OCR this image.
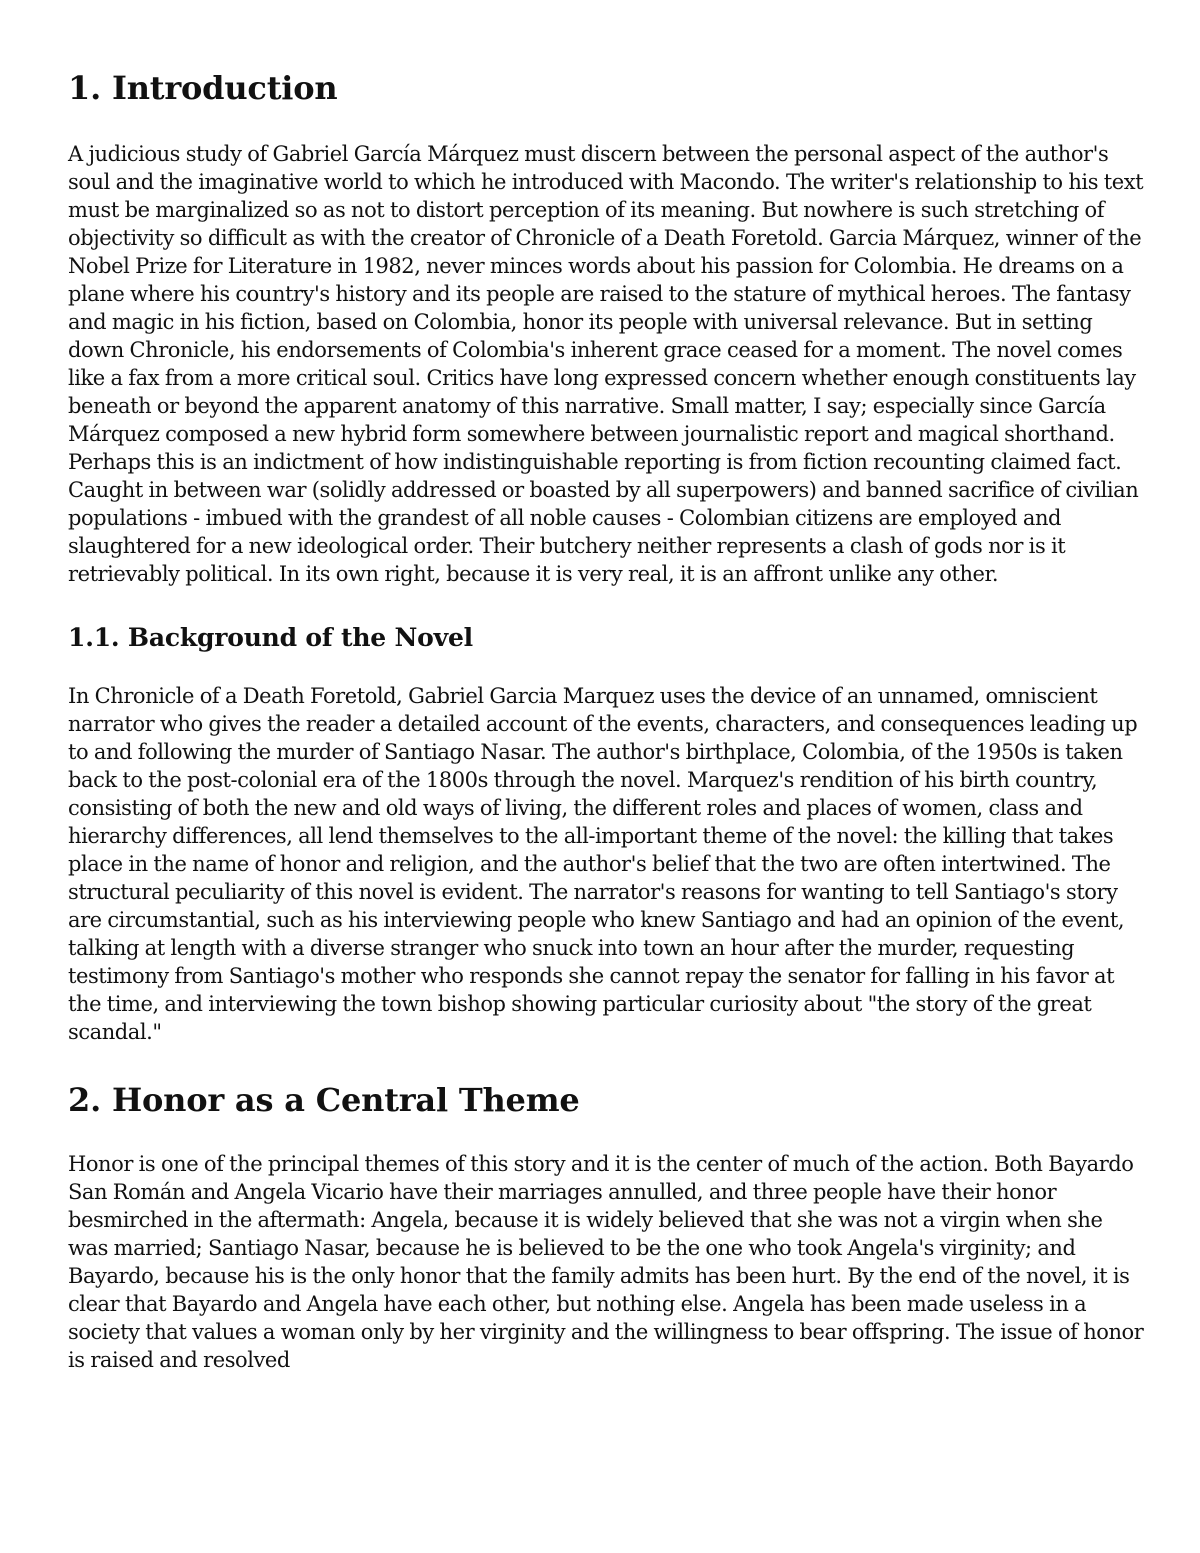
1. Introduction

A judicious study of Gabriel García Márquez must discern between the personal aspect of the author's soul and the imaginative world to which he introduced with Macondo. The writer's relationship to his text must be marginalized so as not to distort perception of its meaning. But nowhere is such stretching of objectivity so difficult as with the creator of Chronicle of a Death Foretold. Garcia Márquez, winner of the Nobel Prize for Literature in 1982, never minces words about his passion for Colombia. He dreams on a plane where his country's history and its people are raised to the stature of mythical heroes. The fantasy and magic in his fiction, based on Colombia, honor its people with universal relevance. But in setting down Chronicle, his endorsements of Colombia's inherent grace ceased for a moment. The novel comes like a fax from a more critical soul. Critics have long expressed concern whether enough constituents lay beneath or beyond the apparent anatomy of this narrative. Small matter, I say; especially since García Márquez composed a new hybrid form somewhere between journalistic report and magical shorthand. Perhaps this is an indictment of how indistinguishable reporting is from fiction recounting claimed fact. Caught in between war (solidly addressed or boasted by all superpowers) and banned sacrifice of civilian populations - imbued with the grandest of all noble causes - Colombian citizens are employed and slaughtered for a new ideological order. Their butchery neither represents a clash of gods nor is it retrievably political. In its own right, because it is very real, it is an affront unlike any other.

1.1. Background of the Novel

In Chronicle of a Death Foretold, Gabriel Garcia Marquez uses the device of an unnamed, omniscient narrator who gives the reader a detailed account of the events, characters, and consequences leading up to and following the murder of Santiago Nasar. The author's birthplace, Colombia, of the 1950s is taken back to the post-colonial era of the 1800s through the novel. Marquez's rendition of his birth country, consisting of both the new and old ways of living, the different roles and places of women, class and hierarchy differences, all lend themselves to the all-important theme of the novel: the killing that takes place in the name of honor and religion, and the author's belief that the two are often intertwined. The structural peculiarity of this novel is evident. The narrator's reasons for wanting to tell Santiago's story are circumstantial, such as his interviewing people who knew Santiago and had an opinion of the event, talking at length with a diverse stranger who snuck into town an hour after the murder, requesting testimony from Santiago's mother who responds she cannot repay the senator for falling in his favor at the time, and interviewing the town bishop showing particular curiosity about "the story of the great scandal."

2. Honor as a Central Theme

Honor is one of the principal themes of this story and it is the center of much of the action. Both Bayardo San Román and Angela Vicario have their marriages annulled, and three people have their honor besmirched in the aftermath: Angela, because it is widely believed that she was not a virgin when she was married; Santiago Nasar, because he is believed to be the one who took Angela's virginity; and Bayardo, because his is the only honor that the family admits has been hurt. By the end of the novel, it is clear that Bayardo and Angela have each other, but nothing else. Angela has been made useless in a society that values a woman only by her virginity and the willingness to bear offspring. The issue of honor is raised and resolved
